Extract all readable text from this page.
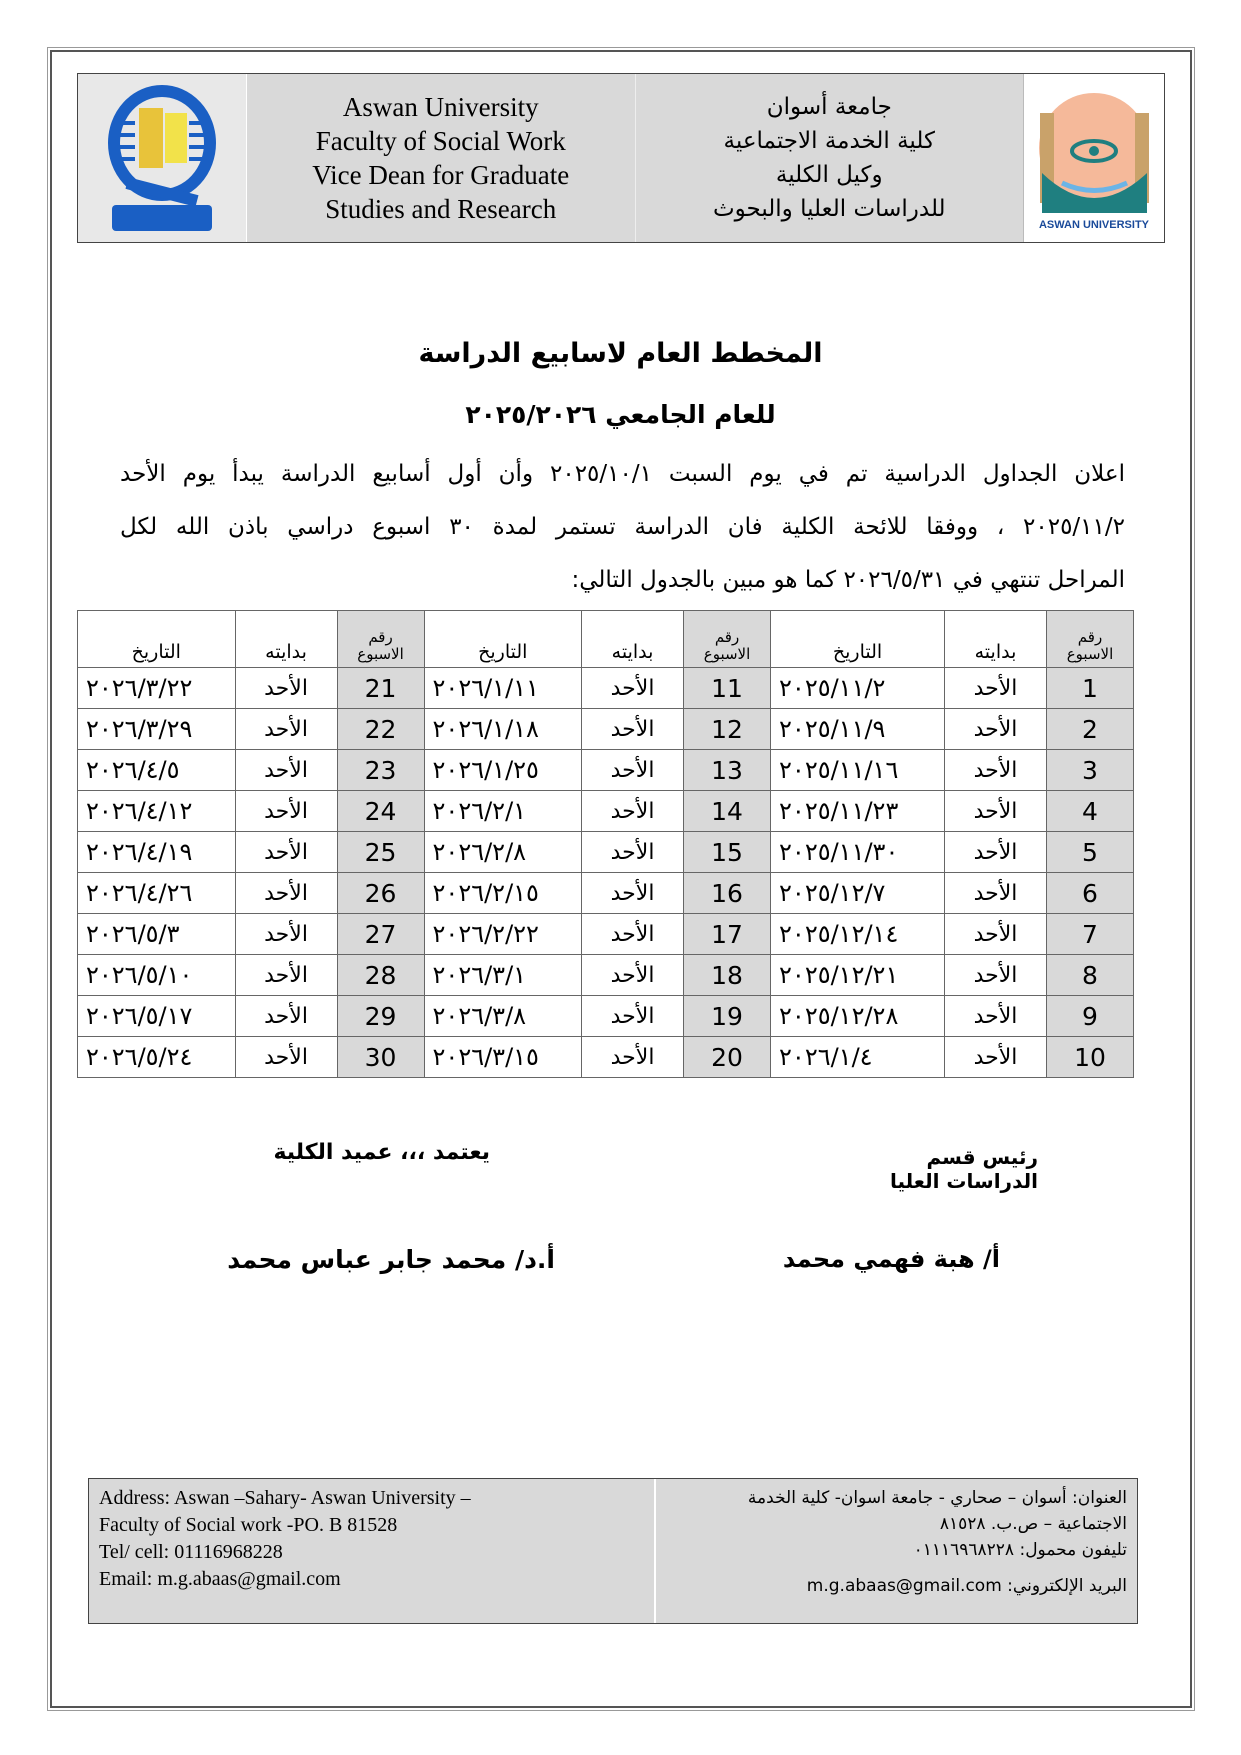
Aswan University
Faculty of Social Work
Vice Dean for Graduate
Studies and Research
جامعة أسوان
كلية الخدمة الاجتماعية
وكيل الكلية
للدراسات العليا والبحوث
ASWAN UNIVERSITY
المخطط العام لاسابيع الدراسة
للعام الجامعي ٢٠٢٥/٢٠٢٦
اعلان الجداول الدراسية تم في يوم السبت ٢٠٢٥/١٠/١ وأن أول أسابيع الدراسة يبدأ يوم الأحد
٢٠٢٥/١١/٢ ، ووفقا للائحة الكلية فان الدراسة تستمر لمدة ٣٠ اسبوع دراسي باذن الله لكل
المراحل تنتهي في ٢٠٢٦/٥/٣١ كما هو مبين بالجدول التالي:
رقم الاسبوع	بدايته	التاريخ	رقم الاسبوع	بدايته	التاريخ	رقم الاسبوع	بدايته	التاريخ
1	الأحد	٢٠٢٥/١١/٢	11	الأحد	٢٠٢٦/١/١١	21	الأحد	٢٠٢٦/٣/٢٢
2	الأحد	٢٠٢٥/١١/٩	12	الأحد	٢٠٢٦/١/١٨	22	الأحد	٢٠٢٦/٣/٢٩
3	الأحد	٢٠٢٥/١١/١٦	13	الأحد	٢٠٢٦/١/٢٥	23	الأحد	٢٠٢٦/٤/٥
4	الأحد	٢٠٢٥/١١/٢٣	14	الأحد	٢٠٢٦/٢/١	24	الأحد	٢٠٢٦/٤/١٢
5	الأحد	٢٠٢٥/١١/٣٠	15	الأحد	٢٠٢٦/٢/٨	25	الأحد	٢٠٢٦/٤/١٩
6	الأحد	٢٠٢٥/١٢/٧	16	الأحد	٢٠٢٦/٢/١٥	26	الأحد	٢٠٢٦/٤/٢٦
7	الأحد	٢٠٢٥/١٢/١٤	17	الأحد	٢٠٢٦/٢/٢٢	27	الأحد	٢٠٢٦/٥/٣
8	الأحد	٢٠٢٥/١٢/٢١	18	الأحد	٢٠٢٦/٣/١	28	الأحد	٢٠٢٦/٥/١٠
9	الأحد	٢٠٢٥/١٢/٢٨	19	الأحد	٢٠٢٦/٣/٨	29	الأحد	٢٠٢٦/٥/١٧
10	الأحد	٢٠٢٦/١/٤	20	الأحد	٢٠٢٦/٣/١٥	30	الأحد	٢٠٢٦/٥/٢٤
رئيس قسم الدراسات العليا
يعتمد ،،، عميد الكلية
أ/ هبة فهمي محمد
أ.د/ محمد جابر عباس محمد
Address: Aswan –Sahary- Aswan University –
Faculty of Social work -PO. B 81528
Tel/ cell: 01116968228
Email: m.g.abaas@gmail.com
العنوان: أسوان – صحاري - جامعة اسوان- كلية الخدمة
الاجتماعية – ص.ب. ٨١٥٢٨
تليفون محمول: ٠١١١٦٩٦٨٢٢٨
البريد الإلكتروني: m.g.abaas@gmail.com
